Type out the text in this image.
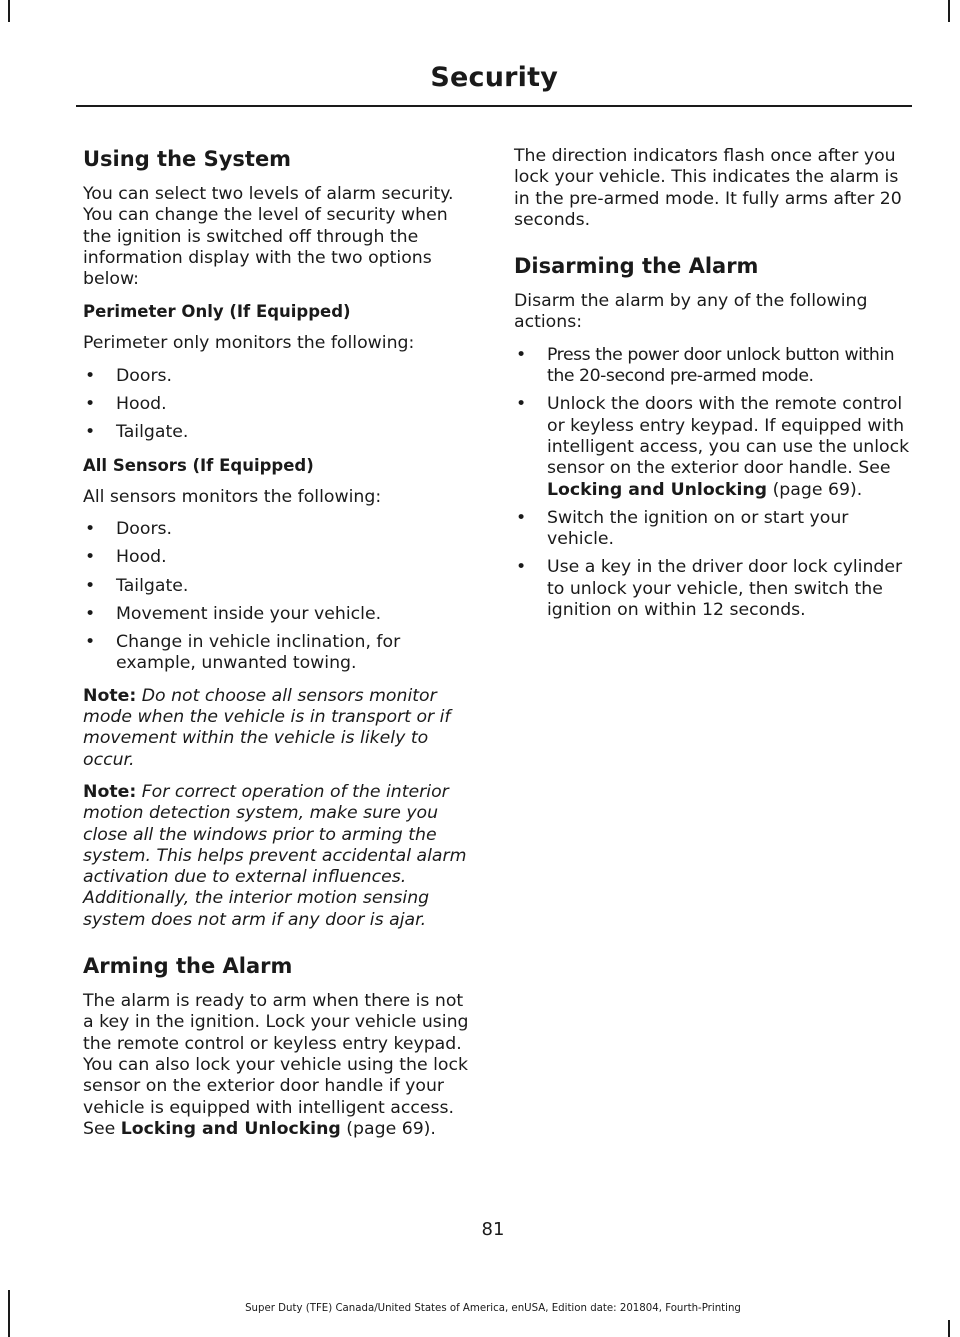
Security
Using the System

You can select two levels of alarm security. You can change the level of security when the ignition is switched off through the information display with the two options below:

Perimeter Only (If Equipped)

Perimeter only monitors the following:

• Doors.
• Hood.
• Tailgate.
All Sensors (If Equipped)

All sensors monitors the following:

• Doors.
• Hood.
• Tailgate.
• Movement inside your vehicle.
• Change in vehicle inclination, for example, unwanted towing.

Note: Do not choose all sensors monitor mode when the vehicle is in transport or if movement within the vehicle is likely to occur.

Note: For correct operation of the interior motion detection system, make sure you close all the windows prior to arming the system. This helps prevent accidental alarm activation due to external influences. Additionally, the interior motion sensing system does not arm if any door is ajar.

Arming the Alarm

The alarm is ready to arm when there is not a key in the ignition. Lock your vehicle using the remote control or keyless entry keypad. You can also lock your vehicle using the lock sensor on the exterior door handle if your vehicle is equipped with intelligent access. See Locking and Unlocking (page 69).

The direction indicators flash once after you lock your vehicle. This indicates the alarm is in the pre-armed mode. It fully arms after 20 seconds.

Disarming the Alarm

Disarm the alarm by any of the following actions:

• Press the power door unlock button within the 20-second pre-armed mode.
• Unlock the doors with the remote control or keyless entry keypad. If equipped with intelligent access, you can use the unlock sensor on the exterior door handle. See Locking and Unlocking (page 69).
• Switch the ignition on or start your vehicle.
• Use a key in the driver door lock cylinder to unlock your vehicle, then switch the ignition on within 12 seconds.
81
Super Duty (TFE) Canada/United States of America, enUSA, Edition date: 201804, Fourth-Printing
